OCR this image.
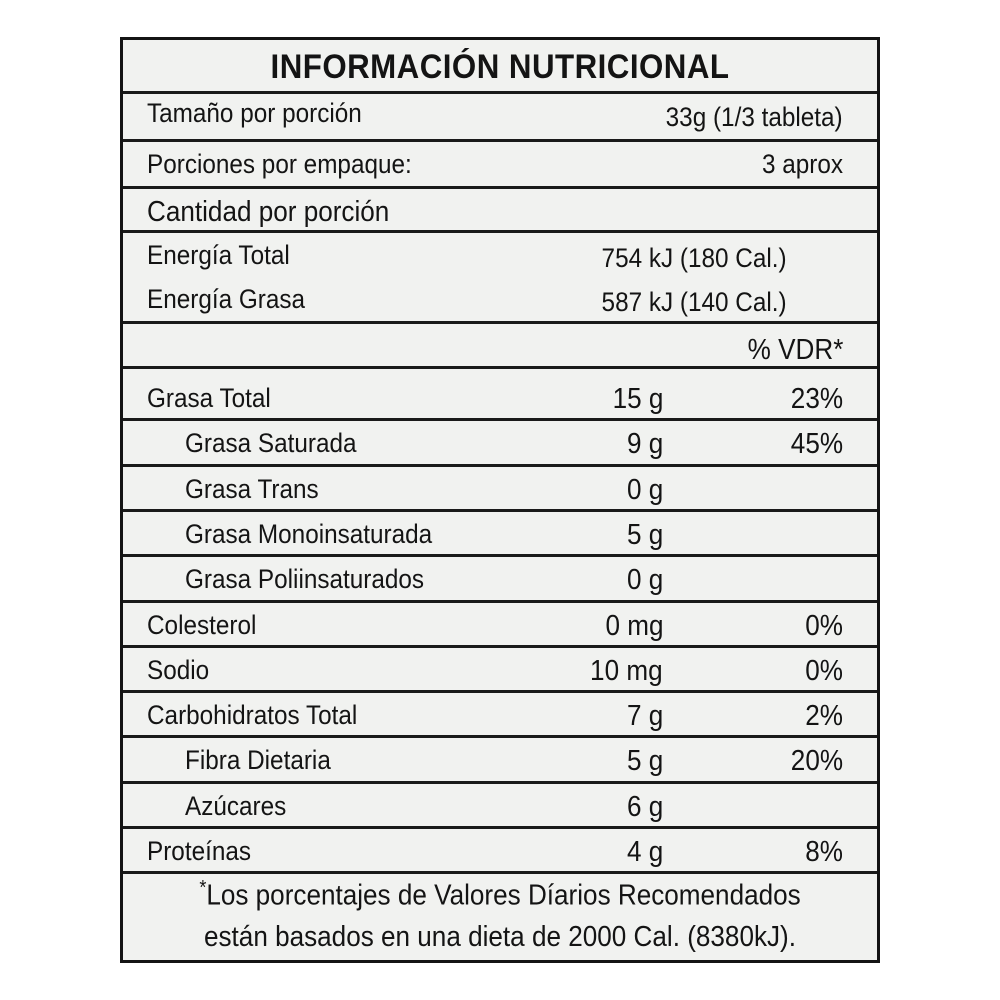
INFORMACIÓN NUTRICIONAL
Tamaño por porción	33g (1/3 tableta)
Porciones por empaque:	3 aprox
Cantidad por porción
Energía Total	754 kJ (180 Cal.)
Energía Grasa	587 kJ (140 Cal.)
% VDR*
Grasa Total	15 g	23%
Grasa Saturada	9 g	45%
Grasa Trans	0 g
Grasa Monoinsaturada	5 g
Grasa Poliinsaturados	0 g
Colesterol	0 mg	0%
Sodio	10 mg	0%
Carbohidratos Total	7 g	2%
Fibra Dietaria	5 g	20%
Azúcares	6 g
Proteínas	4 g	8%
*Los porcentajes de Valores Díarios Recomendados
están basados en una dieta de 2000 Cal. (8380kJ).
